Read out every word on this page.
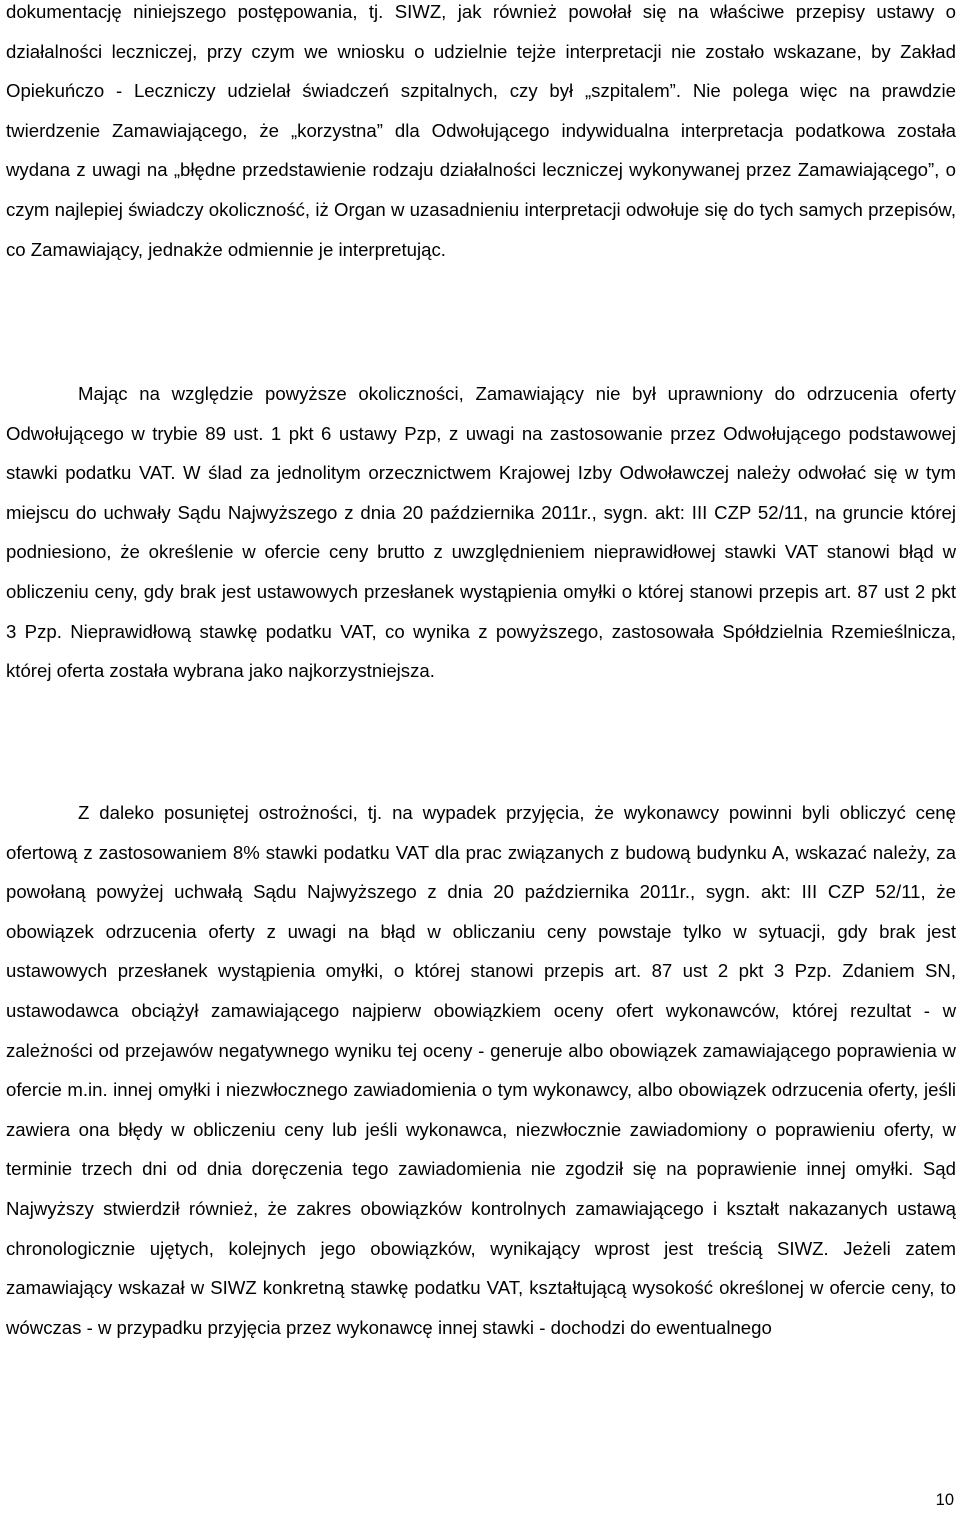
dokumentację niniejszego postępowania, tj. SIWZ, jak również powołał się na właściwe przepisy ustawy o działalności leczniczej, przy czym we wniosku o udzielnie tejże interpretacji nie zostało wskazane, by Zakład Opiekuńczo - Leczniczy udzielał świadczeń szpitalnych, czy był „szpitalem”. Nie polega więc na prawdzie twierdzenie Zamawiającego, że „korzystna” dla Odwołującego indywidualna interpretacja podatkowa została wydana z uwagi na „błędne przedstawienie rodzaju działalności leczniczej wykonywanej przez Zamawiającego”, o czym najlepiej świadczy okoliczność, iż Organ w uzasadnieniu interpretacji odwołuje się do tych samych przepisów, co Zamawiający, jednakże odmiennie je interpretując.

Mając na względzie powyższe okoliczności, Zamawiający nie był uprawniony do odrzucenia oferty Odwołującego w trybie 89 ust. 1 pkt 6 ustawy Pzp, z uwagi na zastosowanie przez Odwołującego podstawowej stawki podatku VAT. W ślad za jednolitym orzecznictwem Krajowej Izby Odwoławczej należy odwołać się w tym miejscu do uchwały Sądu Najwyższego z dnia 20 października 2011r., sygn. akt: III CZP 52/11, na gruncie której podniesiono, że określenie w ofercie ceny brutto z uwzględnieniem nieprawidłowej stawki VAT stanowi błąd w obliczeniu ceny, gdy brak jest ustawowych przesłanek wystąpienia omyłki o której stanowi przepis art. 87 ust 2 pkt 3 Pzp. Nieprawidłową stawkę podatku VAT, co wynika z powyższego, zastosowała Spółdzielnia Rzemieślnicza, której oferta została wybrana jako najkorzystniejsza.

Z daleko posuniętej ostrożności, tj. na wypadek przyjęcia, że wykonawcy powinni byli obliczyć cenę ofertową z zastosowaniem 8% stawki podatku VAT dla prac związanych z budową budynku A, wskazać należy, za powołaną powyżej uchwałą Sądu Najwyższego z dnia 20 października 2011r., sygn. akt: III CZP 52/11, że obowiązek odrzucenia oferty z uwagi na błąd w obliczaniu ceny powstaje tylko w sytuacji, gdy brak jest ustawowych przesłanek wystąpienia omyłki, o której stanowi przepis art. 87 ust 2 pkt 3 Pzp. Zdaniem SN, ustawodawca obciążył zamawiającego najpierw obowiązkiem oceny ofert wykonawców, której rezultat - w zależności od przejawów negatywnego wyniku tej oceny - generuje albo obowiązek zamawiającego poprawienia w ofercie m.in. innej omyłki i niezwłocznego zawiadomienia o tym wykonawcy, albo obowiązek odrzucenia oferty, jeśli zawiera ona błędy w obliczeniu ceny lub jeśli wykonawca, niezwłocznie zawiadomiony o poprawieniu oferty, w terminie trzech dni od dnia doręczenia tego zawiadomienia nie zgodził się na poprawienie innej omyłki. Sąd Najwyższy stwierdził również, że zakres obowiązków kontrolnych zamawiającego i kształt nakazanych ustawą chronologicznie ujętych, kolejnych jego obowiązków, wynikający wprost jest treścią SIWZ. Jeżeli zatem zamawiający wskazał w SIWZ konkretną stawkę podatku VAT, kształtującą wysokość określonej w ofercie ceny, to wówczas - w przypadku przyjęcia przez wykonawcę innej stawki - dochodzi do ewentualnego

10
